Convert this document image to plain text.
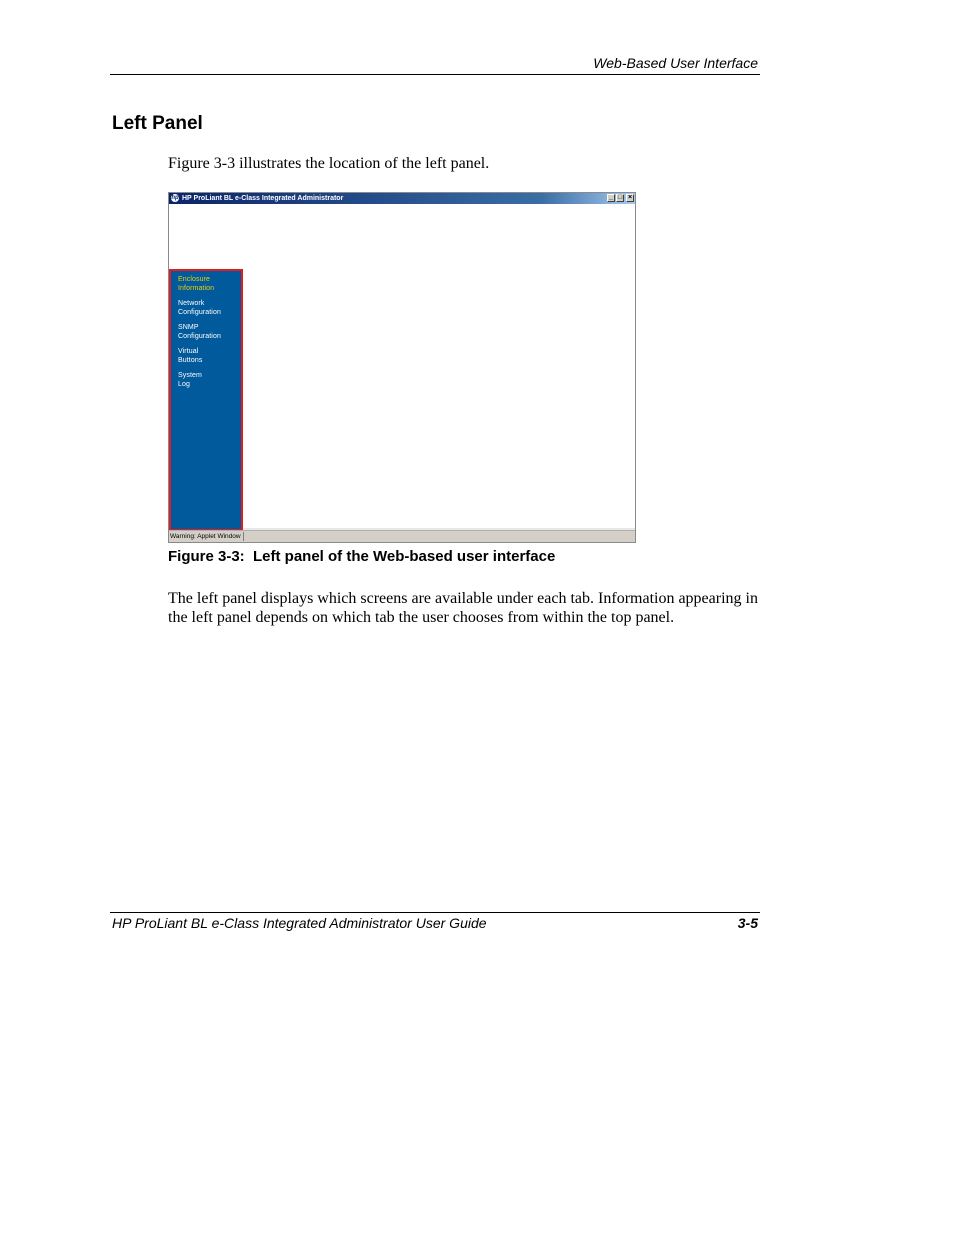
Web-Based User Interface
Left Panel
Figure 3-3 illustrates the location of the left panel.
hp HP ProLiant BL e-Class Integrated Administrator	_ □ ×
Enclosure
Information
Network
Configuration
SNMP
Configuration
Virtual
Buttons
System
Log
Warning: Applet Window
Figure 3-3:  Left panel of the Web-based user interface
The left panel displays which screens are available under each tab. Information appearing in the left panel depends on which tab the user chooses from within the top panel.
HP ProLiant BL e-Class Integrated Administrator User Guide	3-5
